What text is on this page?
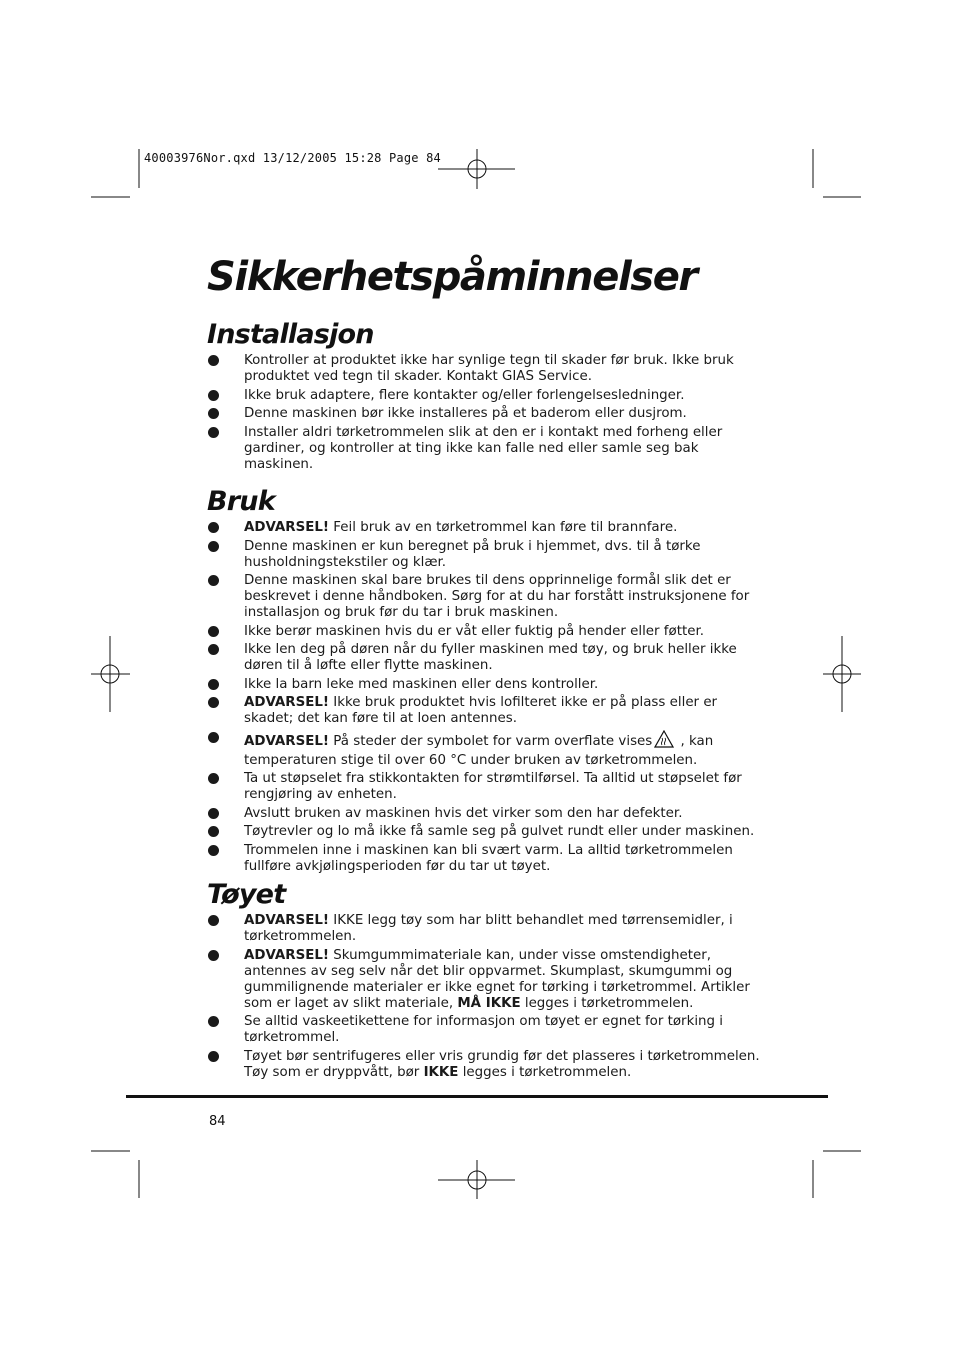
40003976Nor.qxd 13/12/2005 15:28 Page 84
Sikkerhetspåminnelser
Installasjon
Kontroller at produktet ikke har synlige tegn til skader før bruk. Ikke bruk produktet ved tegn til skader. Kontakt GIAS Service.
Ikke bruk adaptere, flere kontakter og/eller forlengelsesledninger.
Denne maskinen bør ikke installeres på et baderom eller dusjrom.
Installer aldri tørketrommelen slik at den er i kontakt med forheng eller gardiner, og kontroller at ting ikke kan falle ned eller samle seg bak maskinen.
Bruk
ADVARSEL! Feil bruk av en tørketrommel kan føre til brannfare.
Denne maskinen er kun beregnet på bruk i hjemmet, dvs. til å tørke husholdningstekstiler og klær.
Denne maskinen skal bare brukes til dens opprinnelige formål slik det er beskrevet i denne håndboken. Sørg for at du har forstått instruksjonene for installasjon og bruk før du tar i bruk maskinen.
Ikke berør maskinen hvis du er våt eller fuktig på hender eller føtter.
Ikke len deg på døren når du fyller maskinen med tøy, og bruk heller ikke døren til å løfte eller flytte maskinen.
Ikke la barn leke med maskinen eller dens kontroller.
ADVARSEL! Ikke bruk produktet hvis lofilteret ikke er på plass eller er skadet; det kan føre til at loen antennes.
ADVARSEL! På steder der symbolet for varm overflate vises , kan temperaturen stige til over 60 °C under bruken av tørketrommelen.
Ta ut støpselet fra stikkontakten for strømtilførsel. Ta alltid ut støpselet før rengjøring av enheten.
Avslutt bruken av maskinen hvis det virker som den har defekter.
Tøytrevler og lo må ikke få samle seg på gulvet rundt eller under maskinen.
Trommelen inne i maskinen kan bli svært varm. La alltid tørketrommelen fullføre avkjølingsperioden før du tar ut tøyet.
Tøyet
ADVARSEL! IKKE legg tøy som har blitt behandlet med tørrensemidler, i tørketrommelen.
ADVARSEL! Skumgummimateriale kan, under visse omstendigheter, antennes av seg selv når det blir oppvarmet. Skumplast, skumgummi og gummilignende materialer er ikke egnet for tørking i tørketrommel. Artikler som er laget av slikt materiale, MÅ IKKE legges i tørketrommelen.
Se alltid vaskeetikettene for informasjon om tøyet er egnet for tørking i tørketrommel.
Tøyet bør sentrifugeres eller vris grundig før det plasseres i tørketrommelen. Tøy som er dryppvått, bør IKKE legges i tørketrommelen.
84
